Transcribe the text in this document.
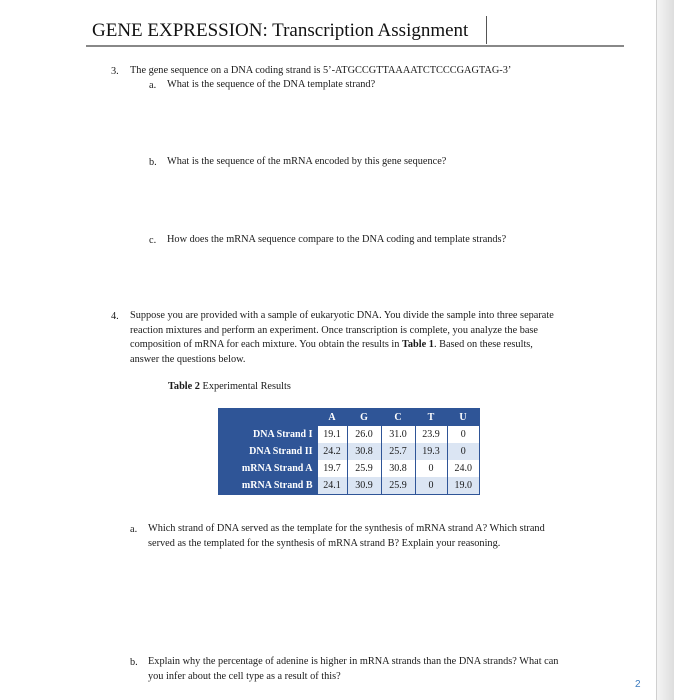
GENE EXPRESSION: Transcription Assignment
3. The gene sequence on a DNA coding strand is 5’-ATGCCGTTAAAATCTCCCGAGTAG-3’
a. What is the sequence of the DNA template strand?
b. What is the sequence of the mRNA encoded by this gene sequence?
c. How does the mRNA sequence compare to the DNA coding and template strands?
4. Suppose you are provided with a sample of eukaryotic DNA. You divide the sample into three separate
reaction mixtures and perform an experiment. Once transcription is complete, you analyze the base
composition of mRNA for each mixture. You obtain the results in Table 1. Based on these results,
answer the questions below.
Table 2 Experimental Results
	A	G	C	T	U
DNA Strand I	19.1	26.0	31.0	23.9	0
DNA Strand II	24.2	30.8	25.7	19.3	0
mRNA Strand A	19.7	25.9	30.8	0	24.0
mRNA Strand B	24.1	30.9	25.9	0	19.0
a. Which strand of DNA served as the template for the synthesis of mRNA strand A? Which strand
served as the templated for the synthesis of mRNA strand B? Explain your reasoning.
b. Explain why the percentage of adenine is higher in mRNA strands than the DNA strands? What can
you infer about the cell type as a result of this?
2
